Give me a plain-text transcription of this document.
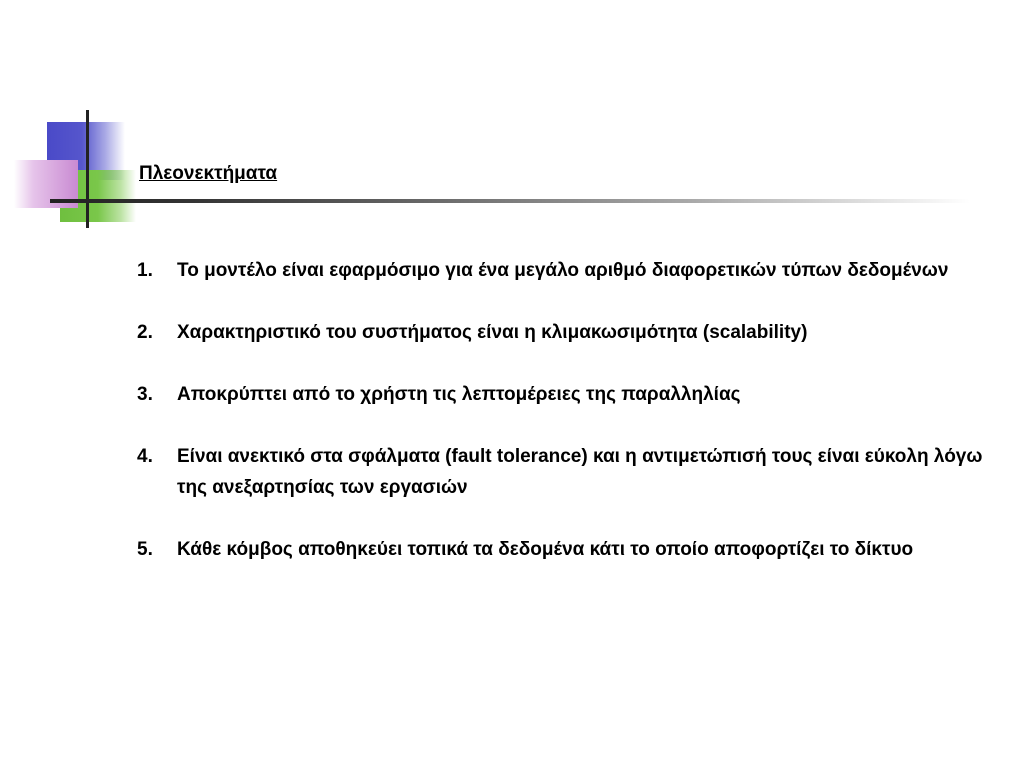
Πλεονεκτήματα
1. Το μοντέλο είναι εφαρμόσιμο για ένα μεγάλο αριθμό διαφορετικών τύπων δεδομένων
2. Χαρακτηριστικό του συστήματος είναι η κλιμακωσιμότητα (scalability)
3. Αποκρύπτει από το χρήστη τις λεπτομέρειες της παραλληλίας
4. Είναι ανεκτικό στα σφάλματα (fault tolerance) και η αντιμετώπισή τους είναι εύκολη λόγω της ανεξαρτησίας των εργασιών
5. Κάθε κόμβος αποθηκεύει τοπικά τα δεδομένα κάτι το οποίο αποφορτίζει το δίκτυο
